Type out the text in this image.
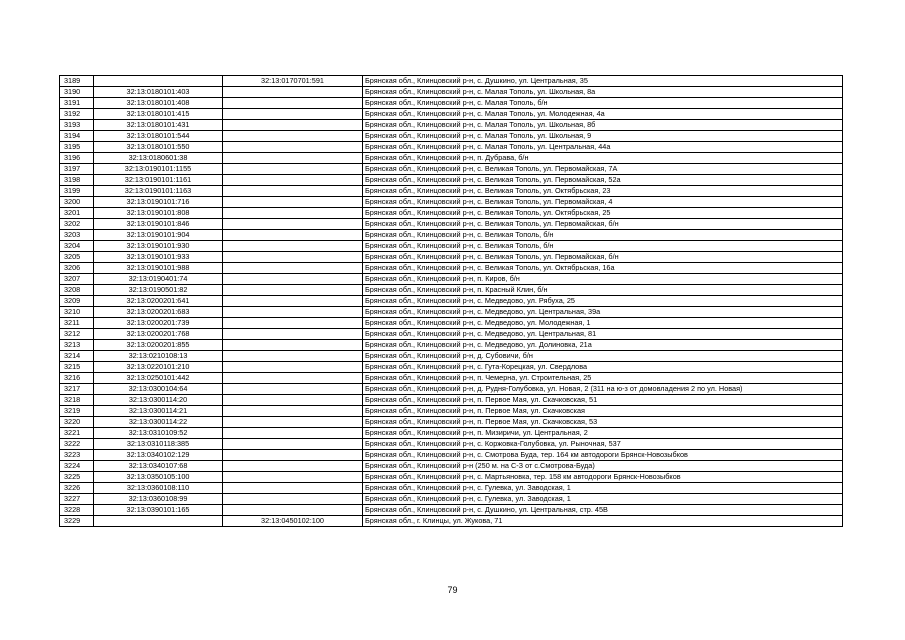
3189		32:13:0170701:591	Брянская обл., Клинцовский р-н, с. Душкино, ул. Центральная, 35
3190	32:13:0180101:403		Брянская обл., Клинцовский р-н, с. Малая Тополь, ул. Школьная, 8а
3191	32:13:0180101:408		Брянская обл., Клинцовский р-н, с. Малая Тополь, б/н
3192	32:13:0180101:415		Брянская обл., Клинцовский р-н, с. Малая Тополь, ул. Молодежная, 4а
3193	32:13:0180101:431		Брянская обл., Клинцовский р-н, с. Малая Тополь, ул. Школьная, 8б
3194	32:13:0180101:544		Брянская обл., Клинцовский р-н, с. Малая Тополь, ул. Школьная, 9
3195	32:13:0180101:550		Брянская обл., Клинцовский р-н, с. Малая Тополь, ул. Центральная, 44а
3196	32:13:0180601:38		Брянская обл., Клинцовский р-н, п. Дубрава, б/н
3197	32:13:0190101:1155		Брянская обл., Клинцовский р-н, с. Великая Тополь, ул. Первомайская, 7А
3198	32:13:0190101:1161		Брянская обл., Клинцовский р-н, с. Великая Тополь, ул. Первомайская, 52а
3199	32:13:0190101:1163		Брянская обл., Клинцовский р-н, с. Великая Тополь, ул. Октябрьская, 23
3200	32:13:0190101:716		Брянская обл., Клинцовский р-н, с. Великая Тополь, ул. Первомайская, 4
3201	32:13:0190101:808		Брянская обл., Клинцовский р-н, с. Великая Тополь, ул. Октябрьская, 25
3202	32:13:0190101:846		Брянская обл., Клинцовский р-н, с. Великая Тополь, ул. Первомайская, б/н
3203	32:13:0190101:904		Брянская обл., Клинцовский р-н, с. Великая Тополь, б/н
3204	32:13:0190101:930		Брянская обл., Клинцовский р-н, с. Великая Тополь, б/н
3205	32:13:0190101:933		Брянская обл., Клинцовский р-н, с. Великая Тополь, ул. Первомайская, б/н
3206	32:13:0190101:988		Брянская обл., Клинцовский р-н, с. Великая Тополь, ул. Октябрьская, 16а
3207	32:13:0190401:74		Брянская обл., Клинцовский р-н, п. Киров, б/н
3208	32:13:0190501:82		Брянская обл., Клинцовский р-н, п. Красный Клин, б/н
3209	32:13:0200201:641		Брянская обл., Клинцовский р-н, с. Медведово, ул. Рябуха, 25
3210	32:13:0200201:683		Брянская обл., Клинцовский р-н, с. Медведово, ул. Центральная, 39а
3211	32:13:0200201:739		Брянская обл., Клинцовский р-н, с. Медведово, ул. Молодежная, 1
3212	32:13:0200201:768		Брянская обл., Клинцовский р-н, с. Медведово, ул. Центральная, 81
3213	32:13:0200201:855		Брянская обл., Клинцовский р-н, с. Медведово, ул. Долиновка, 21а
3214	32:13:0210108:13		Брянская обл., Клинцовский р-н, д. Субовичи, б/н
3215	32:13:0220101:210		Брянская обл., Клинцовский р-н, с. Гута-Корецкая, ул. Свердлова
3216	32:13:0250101:442		Брянская обл., Клинцовский р-н, п. Чемерна, ул. Строительная, 25
3217	32:13:0300104:64		Брянская обл., Клинцовский р-н, д. Рудня-Голубовка, ул. Новая, 2 (311 на ю-з от домовладения 2 по ул. Новая)
3218	32:13:0300114:20		Брянская обл., Клинцовский р-н, п. Первое Мая, ул. Скачковская, 51
3219	32:13:0300114:21		Брянская обл., Клинцовский р-н, п. Первое Мая, ул. Скачковская
3220	32:13:0300114:22		Брянская обл., Клинцовский р-н, п. Первое Мая, ул. Скачковская, 53
3221	32:13:0310109:52		Брянская обл., Клинцовский р-н, п. Мизиричи, ул. Центральная, 2
3222	32:13:0310118:385		Брянская обл., Клинцовский р-н, с. Коржовка-Голубовка, ул. Рыночная, 537
3223	32:13:0340102:129		Брянская обл., Клинцовский р-н, с. Смотрова Буда, тер. 164 км автодороги Брянск-Новозыбков
3224	32:13:0340107:68		Брянская обл., Клинцовский р-н (250 м. на С-З от с.Смотрова-Буда)
3225	32:13:0350105:100		Брянская обл., Клинцовский р-н, с. Мартьяновка, тер. 158 км автодороги Брянск-Новозыбков
3226	32:13:0360108:110		Брянская обл., Клинцовский р-н, с. Гулевка, ул. Заводская, 1
3227	32:13:0360108:99		Брянская обл., Клинцовский р-н, с. Гулевка, ул. Заводская, 1
3228	32:13:0390101:165		Брянская обл., Клинцовский р-н, с. Душкино, ул. Центральная, стр. 45В
3229		32:13:0450102:100	Брянская обл., г. Клинцы, ул. Жукова, 71
79
